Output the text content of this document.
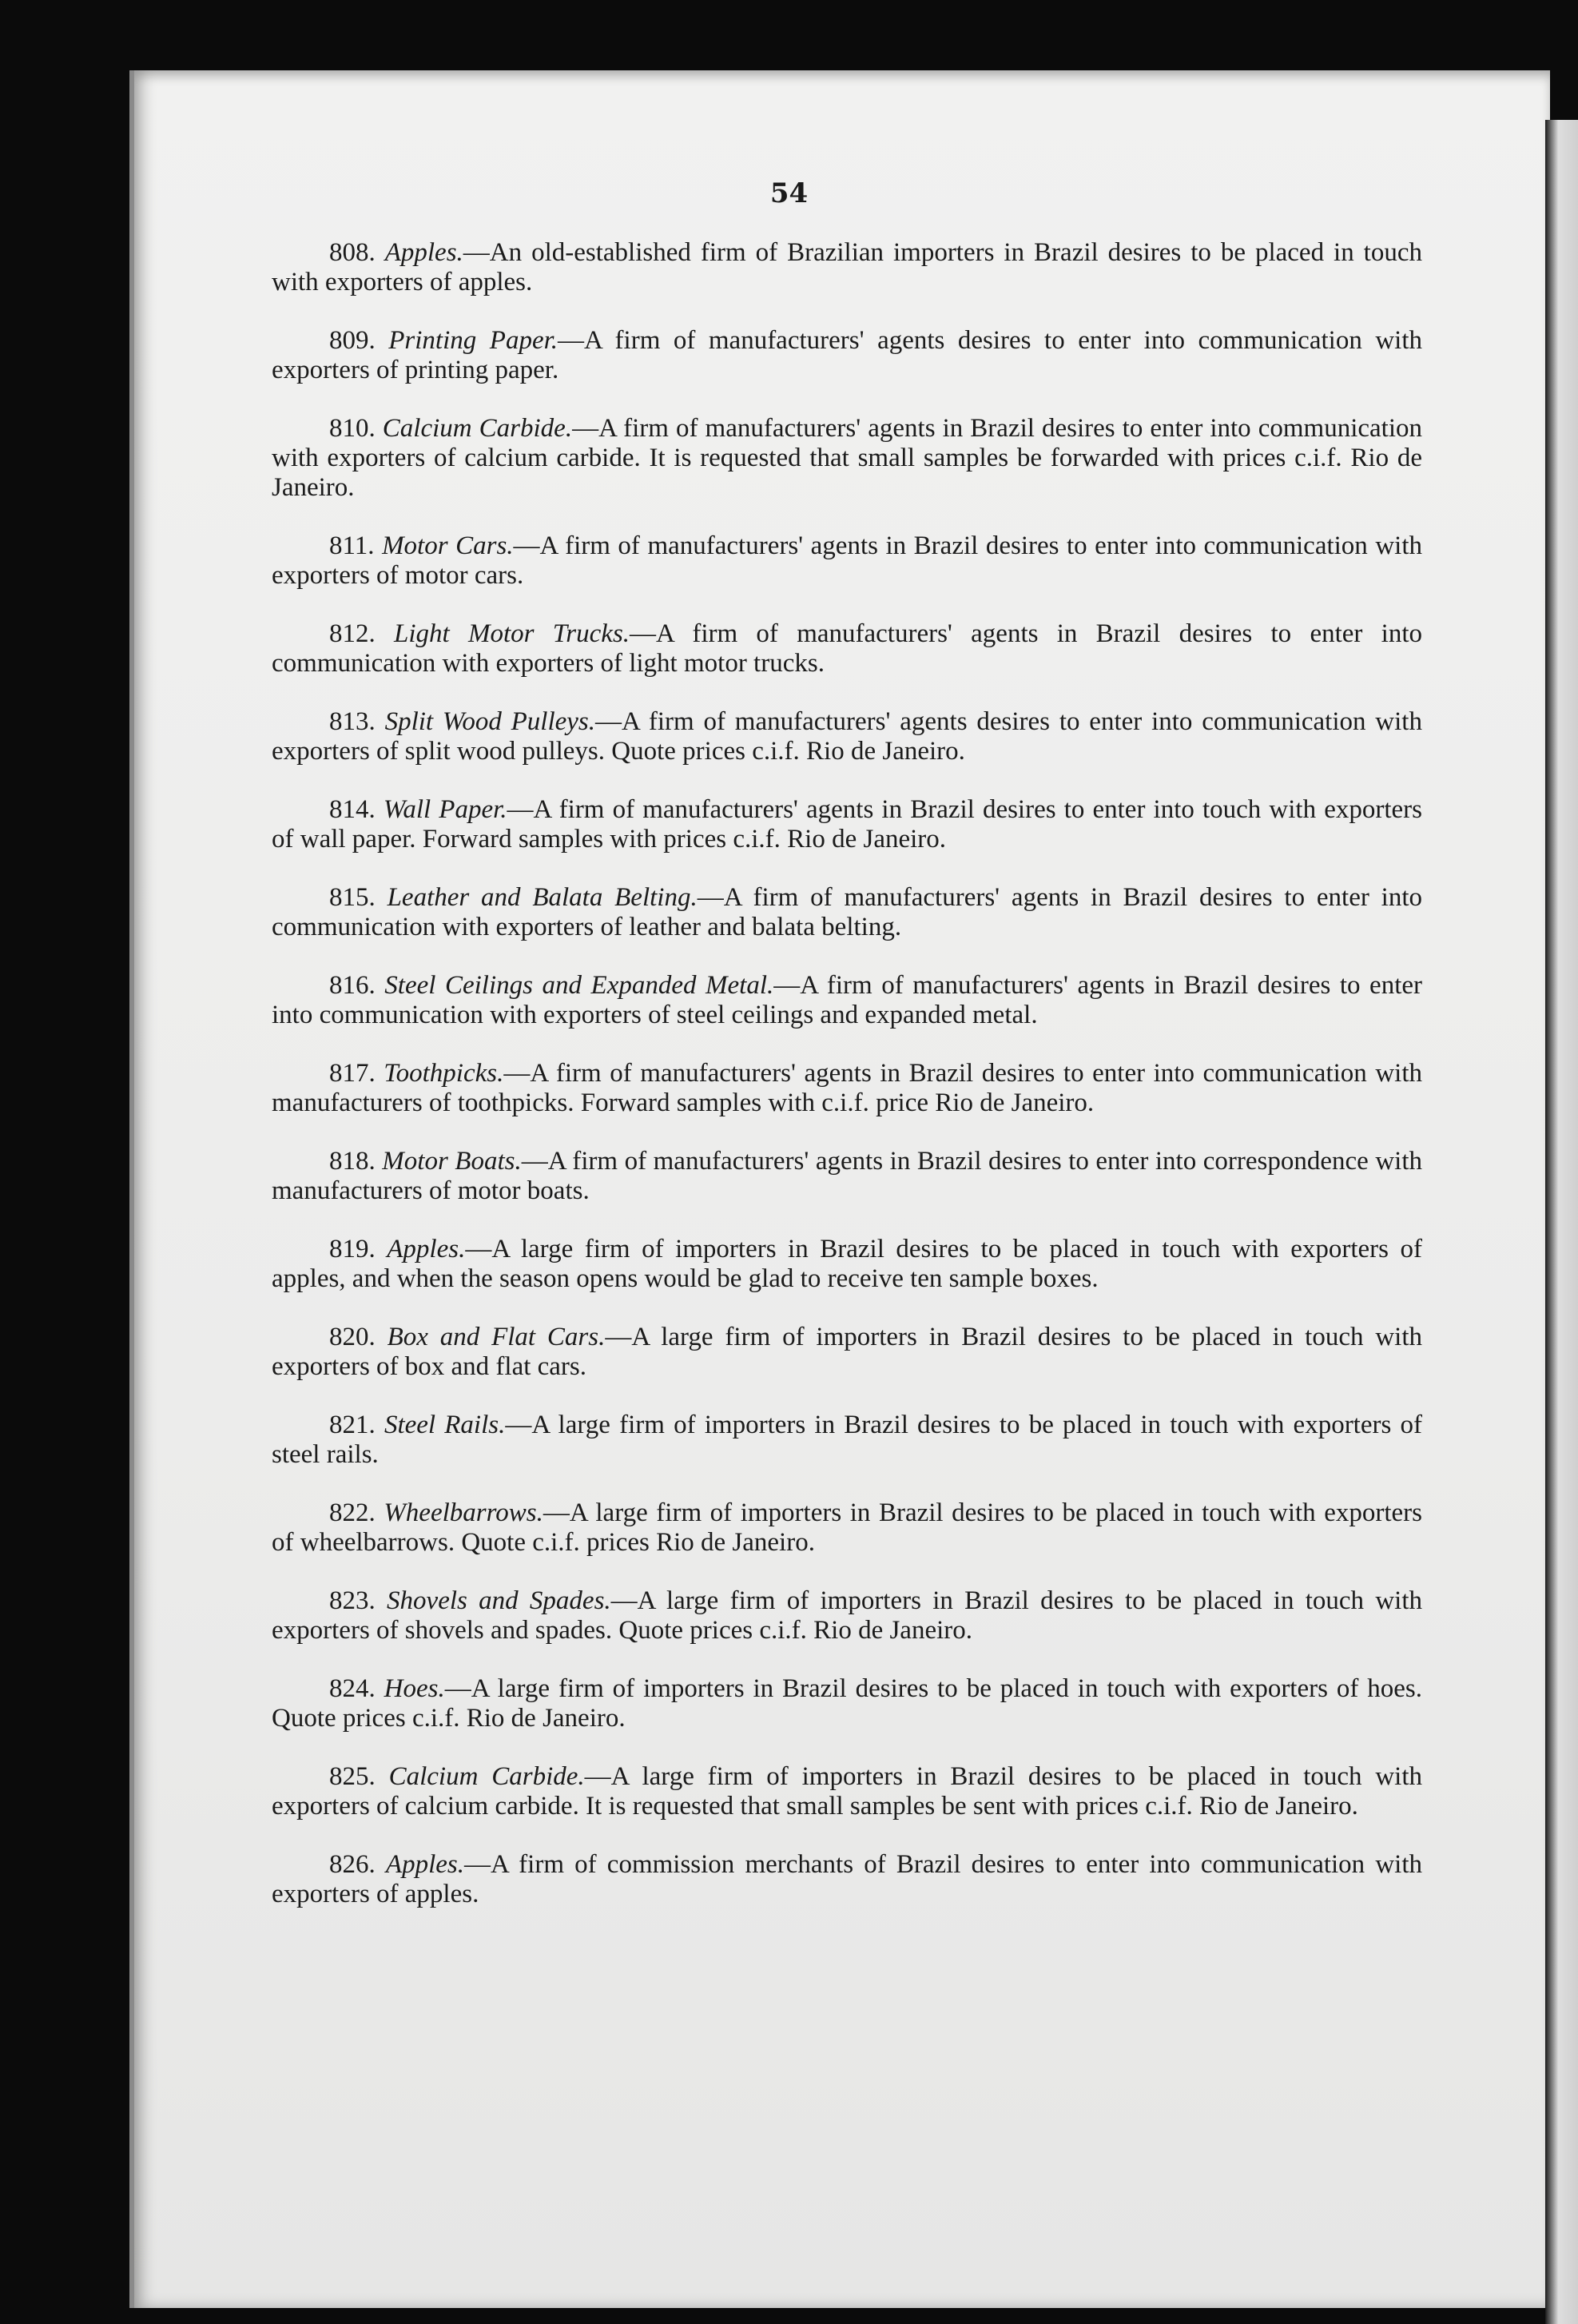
54

808. Apples.—An old-established firm of Brazilian importers in Brazil desires to be placed in touch with exporters of apples.

809. Printing Paper.—A firm of manufacturers' agents desires to enter into communication with exporters of printing paper.

810. Calcium Carbide.—A firm of manufacturers' agents in Brazil desires to enter into communication with exporters of calcium carbide. It is requested that small samples be forwarded with prices c.i.f. Rio de Janeiro.

811. Motor Cars.—A firm of manufacturers' agents in Brazil desires to enter into communication with exporters of motor cars.

812. Light Motor Trucks.—A firm of manufacturers' agents in Brazil desires to enter into communication with exporters of light motor trucks.

813. Split Wood Pulleys.—A firm of manufacturers' agents desires to enter into communication with exporters of split wood pulleys. Quote prices c.i.f. Rio de Janeiro.

814. Wall Paper.—A firm of manufacturers' agents in Brazil desires to enter into touch with exporters of wall paper. Forward samples with prices c.i.f. Rio de Janeiro.

815. Leather and Balata Belting.—A firm of manufacturers' agents in Brazil desires to enter into communication with exporters of leather and balata belting.

816. Steel Ceilings and Expanded Metal.—A firm of manufacturers' agents in Brazil desires to enter into communication with exporters of steel ceilings and expanded metal.

817. Toothpicks.—A firm of manufacturers' agents in Brazil desires to enter into communication with manufacturers of toothpicks. Forward samples with c.i.f. price Rio de Janeiro.

818. Motor Boats.—A firm of manufacturers' agents in Brazil desires to enter into correspondence with manufacturers of motor boats.

819. Apples.—A large firm of importers in Brazil desires to be placed in touch with exporters of apples, and when the season opens would be glad to receive ten sample boxes.

820. Box and Flat Cars.—A large firm of importers in Brazil desires to be placed in touch with exporters of box and flat cars.

821. Steel Rails.—A large firm of importers in Brazil desires to be placed in touch with exporters of steel rails.

822. Wheelbarrows.—A large firm of importers in Brazil desires to be placed in touch with exporters of wheelbarrows. Quote c.i.f. prices Rio de Janeiro.

823. Shovels and Spades.—A large firm of importers in Brazil desires to be placed in touch with exporters of shovels and spades. Quote prices c.i.f. Rio de Janeiro.

824. Hoes.—A large firm of importers in Brazil desires to be placed in touch with exporters of hoes. Quote prices c.i.f. Rio de Janeiro.

825. Calcium Carbide.—A large firm of importers in Brazil desires to be placed in touch with exporters of calcium carbide. It is requested that small samples be sent with prices c.i.f. Rio de Janeiro.

826. Apples.—A firm of commission merchants of Brazil desires to enter into communication with exporters of apples.
